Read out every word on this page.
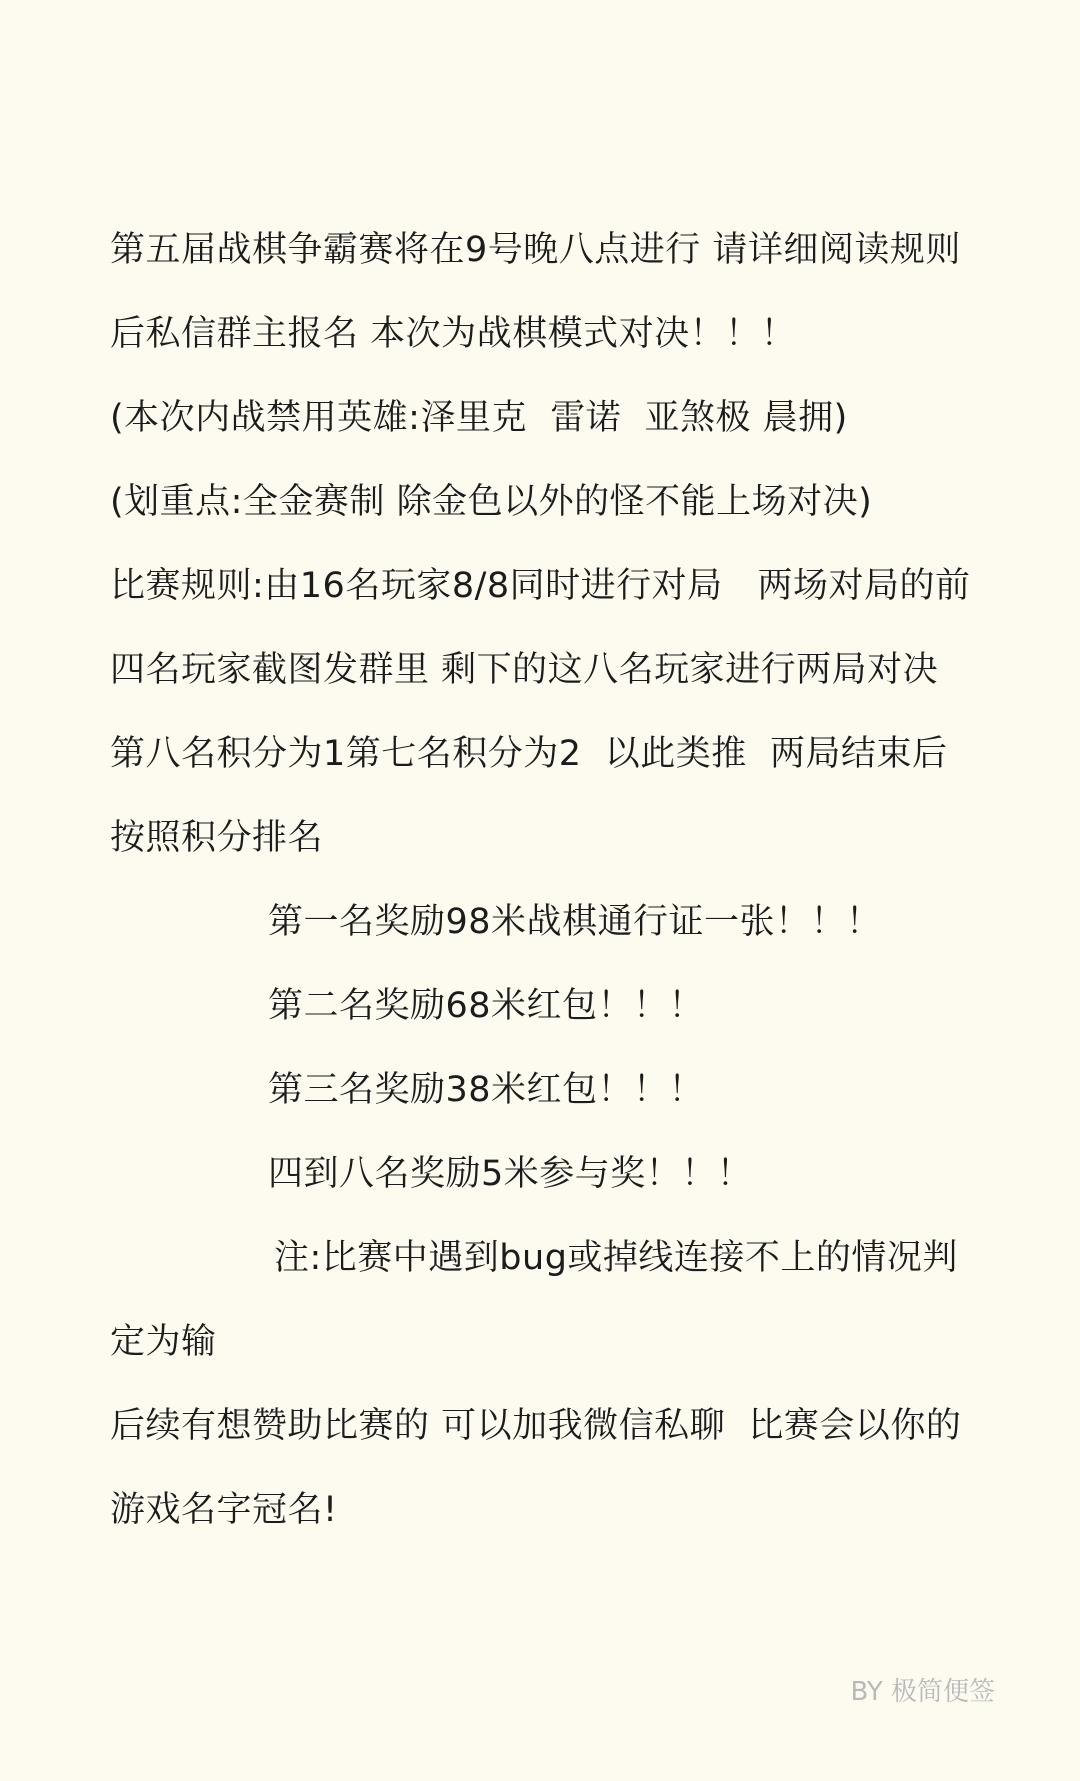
第五届战棋争霸赛将在9号晚八点进行 请详细阅读规则
后私信群主报名 本次为战棋模式对决！！！
(本次内战禁用英雄:泽里克  雷诺  亚煞极 晨拥)
(划重点:全金赛制 除金色以外的怪不能上场对决)
比赛规则:由16名玩家8/8同时进行对局   两场对局的前
四名玩家截图发群里 剩下的这八名玩家进行两局对决
第八名积分为1第七名积分为2  以此类推  两局结束后
按照积分排名
第一名奖励98米战棋通行证一张！！！
第二名奖励68米红包！！！
第三名奖励38米红包！！！
四到八名奖励5米参与奖！！！
注:比赛中遇到bug或掉线连接不上的情况判
定为输
后续有想赞助比赛的 可以加我微信私聊  比赛会以你的
游戏名字冠名!
BY 极简便签
